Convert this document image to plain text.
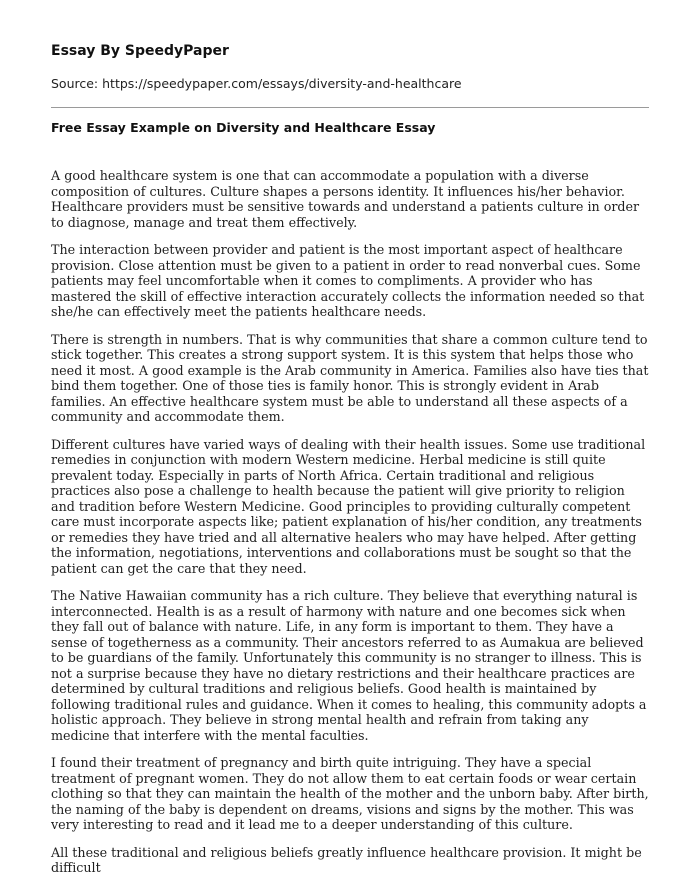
Essay By SpeedyPaper

Source: https://speedypaper.com/essays/diversity-and-healthcare

Free Essay Example on Diversity and Healthcare Essay

A good healthcare system is one that can accommodate a population with a diverse composition of cultures. Culture shapes a persons identity. It influences his/her behavior. Healthcare providers must be sensitive towards and understand a patients culture in order to diagnose, manage and treat them effectively.

The interaction between provider and patient is the most important aspect of healthcare provision. Close attention must be given to a patient in order to read nonverbal cues. Some patients may feel uncomfortable when it comes to compliments. A provider who has mastered the skill of effective interaction accurately collects the information needed so that she/he can effectively meet the patients healthcare needs.

There is strength in numbers. That is why communities that share a common culture tend to stick together. This creates a strong support system. It is this system that helps those who need it most. A good example is the Arab community in America. Families also have ties that bind them together. One of those ties is family honor. This is strongly evident in Arab families. An effective healthcare system must be able to understand all these aspects of a community and accommodate them.

Different cultures have varied ways of dealing with their health issues. Some use traditional remedies in conjunction with modern Western medicine. Herbal medicine is still quite prevalent today. Especially in parts of North Africa. Certain traditional and religious practices also pose a challenge to health because the patient will give priority to religion and tradition before Western Medicine. Good principles to providing culturally competent care must incorporate aspects like; patient explanation of his/her condition, any treatments or remedies they have tried and all alternative healers who may have helped. After getting the information, negotiations, interventions and collaborations must be sought so that the patient can get the care that they need.

The Native Hawaiian community has a rich culture. They believe that everything natural is interconnected. Health is as a result of harmony with nature and one becomes sick when they fall out of balance with nature. Life, in any form is important to them. They have a sense of togetherness as a community. Their ancestors referred to as Aumakua are believed to be guardians of the family. Unfortunately this community is no stranger to illness. This is not a surprise because they have no dietary restrictions and their healthcare practices are determined by cultural traditions and religious beliefs. Good health is maintained by following traditional rules and guidance. When it comes to healing, this community adopts a holistic approach. They believe in strong mental health and refrain from taking any medicine that interfere with the mental faculties.

I found their treatment of pregnancy and birth quite intriguing. They have a special treatment of pregnant women. They do not allow them to eat certain foods or wear certain clothing so that they can maintain the health of the mother and the unborn baby. After birth, the naming of the baby is dependent on dreams, visions and signs by the mother. This was very interesting to read and it lead me to a deeper understanding of this culture.

All these traditional and religious beliefs greatly influence healthcare provision. It might be difficult
